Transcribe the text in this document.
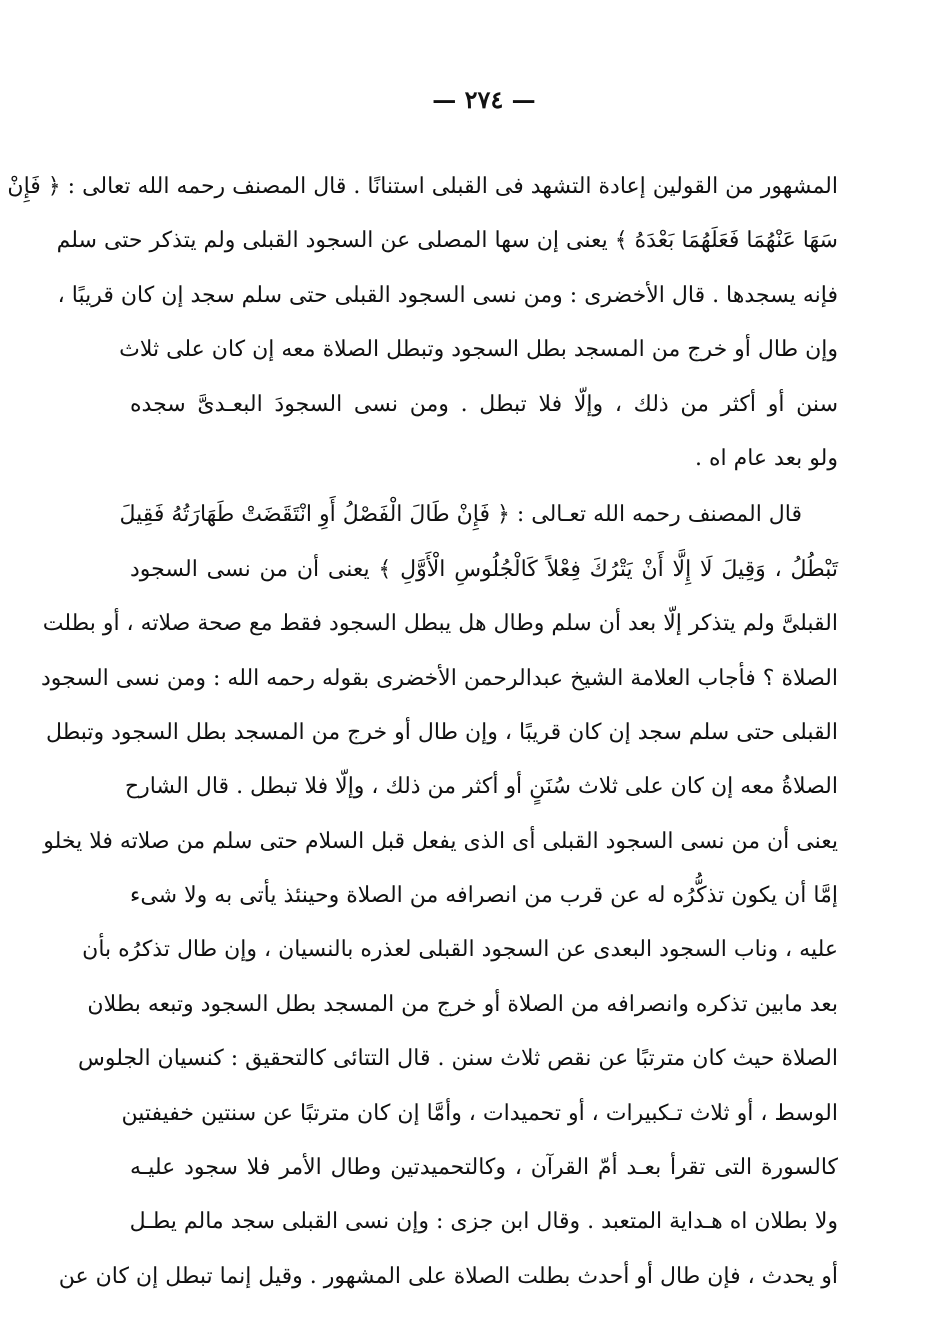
— ٢٧٤ —
المشهور من القولين إعادة التشهد فى القبلى استنانًا . قال المصنف رحمه الله تعالى : ﴿ فَإِنْ
سَهَا عَنْهُمَا فَعَلَهُمَا بَعْدَهُ ﴾ يعنى إن سها المصلى عن السجود القبلى ولم يتذكر حتى سلم
فإنه يسجدها . قال الأخضرى : ومن نسى السجود القبلى حتى سلم سجد إن كان قريبًا ،
وإن طال أو خرج من المسجد بطل السجود وتبطل الصلاة معه إن كان على ثلاث
سنن أو أكثر من ذلك ، وإلّا فلا تبطل . ومن نسى السجودَ البعـدىَّ سجده
ولو بعد عام اه .
قال المصنف رحمه الله تعـالى : ﴿ فَإِنْ طَالَ الْفَصْلُ أَوِ انْتَقَضَتْ طَهَارَتُهُ فَقِيلَ
تَبْطُلُ ، وَقِيلَ لَا إِلَّا أَنْ يَتْرُكَ فِعْلاً كَالْجُلُوسِ الْأَوَّلِ ﴾ يعنى أن من نسى السجود
القبلىَّ ولم يتذكر إلّا بعد أن سلم وطال هل يبطل السجود فقط مع صحة صلاته ، أو بطلت
الصلاة ؟ فأجاب العلامة الشيخ عبدالرحمن الأخضرى بقوله رحمه الله : ومن نسى السجود
القبلى حتى سلم سجد إن كان قريبًا ، وإن طال أو خرج من المسجد بطل السجود وتبطل
الصلاةُ معه إن كان على ثلاث سُنَنٍ أو أكثر من ذلك ، وإلّا فلا تبطل . قال الشارح
يعنى أن من نسى السجود القبلى أى الذى يفعل قبل السلام حتى سلم من صلاته فلا يخلو
إمَّا أن يكون تذكُّرُه له عن قرب من انصرافه من الصلاة وحينئذ يأتى به ولا شىء
عليه ، وناب السجود البعدى عن السجود القبلى لعذره بالنسيان ، وإن طال تذكرُه بأن
بعد مابين تذكره وانصرافه من الصلاة أو خرج من المسجد بطل السجود وتبعه بطلان
الصلاة حيث كان مترتبًا عن نقص ثلاث سنن . قال التتائى كالتحقيق : كنسيان الجلوس
الوسط ، أو ثلاث تـكبيرات ، أو تحميدات ، وأمَّا إن كان مترتبًا عن سنتين خفيفتين
كالسورة التى تقرأ بعـد أمّ القرآن ، وكالتحميدتين وطال الأمر فلا سجود عليـه
ولا بطلان اه هـداية المتعبد . وقال ابن جزى : وإن نسى القبلى سجد مالم يطـل
أو يحدث ، فإن طال أو أحدث بطلت الصلاة على المشهور . وقيل إنما تبطل إن كان عن
